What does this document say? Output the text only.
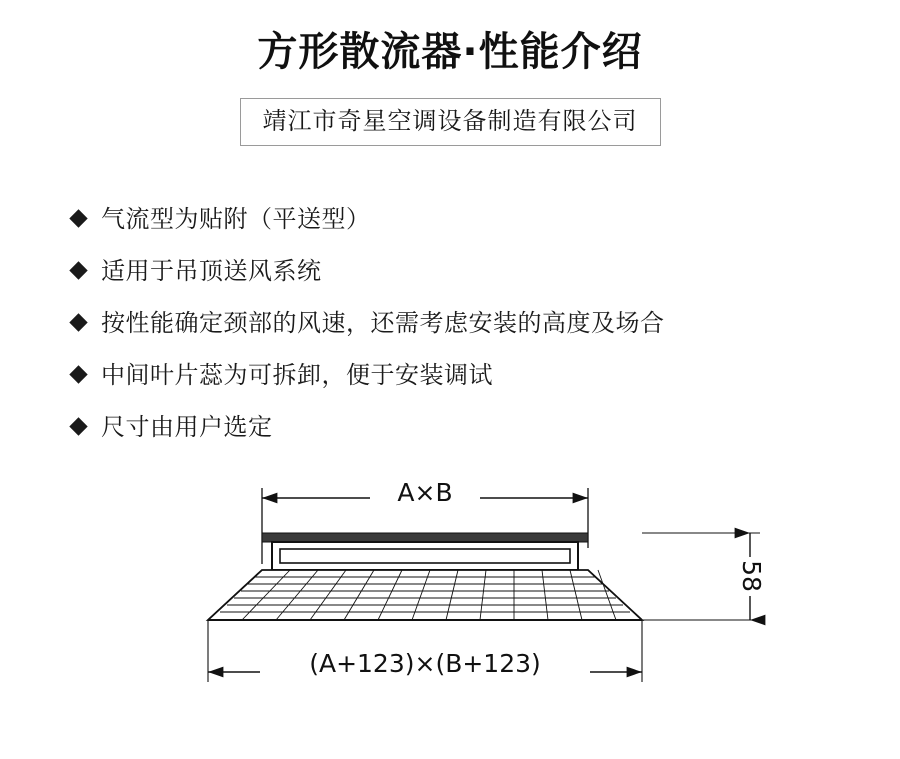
方形散流器·性能介绍
靖江市奇星空调设备制造有限公司
气流型为贴附（平送型）
适用于吊顶送风系统
按性能确定颈部的风速，还需考虑安装的高度及场合
中间叶片蕊为可拆卸，便于安装调试
尺寸由用户选定
A×B
58
(A+123)×(B+123)
